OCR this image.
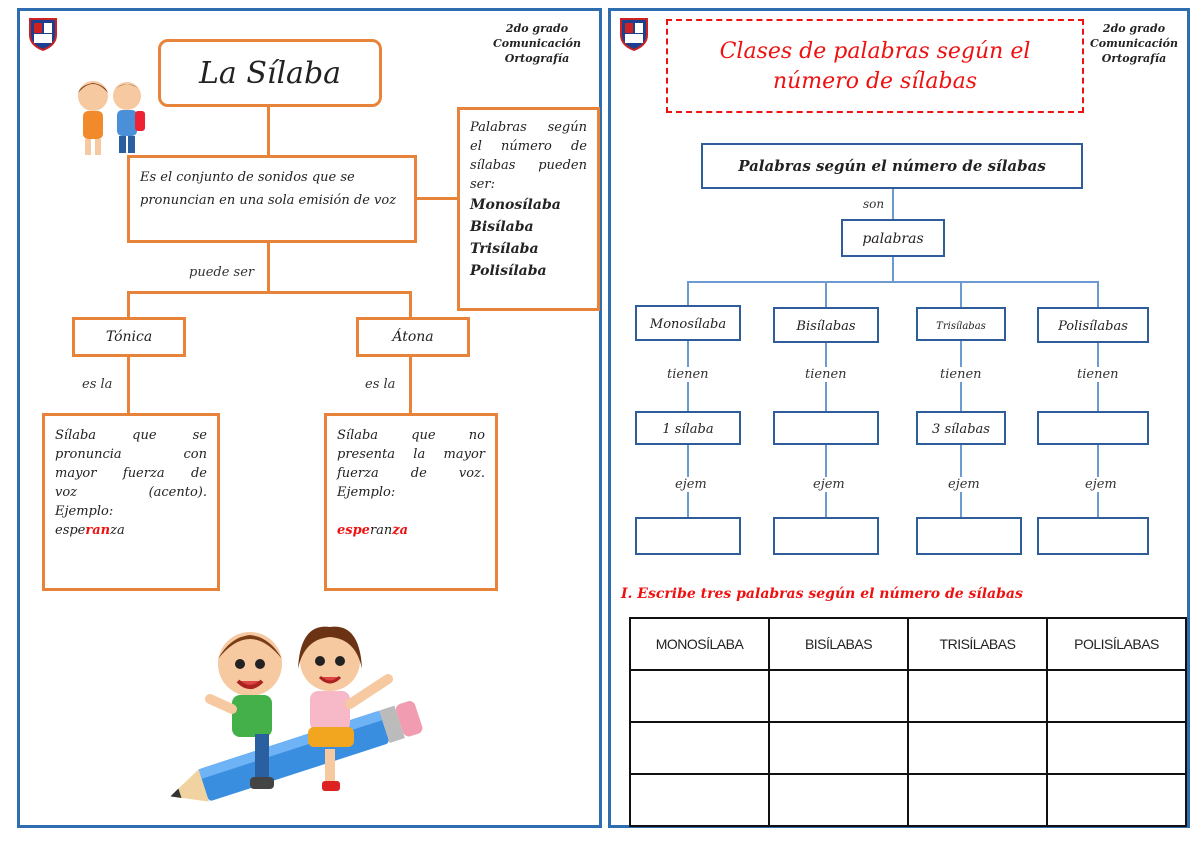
2do grado
Comunicación
Ortografía
La Sílaba
Es el conjunto de sonidos que se pronuncian en una sola emisión de voz
Palabras según
el número de
sílabas pueden
ser:
Monosílaba
Bisílaba
Trisílaba
Polisílaba
puede ser
Tónica	Átona
es la	es la
Sílaba que se
pronuncia con
mayor fuerza de
voz (acento).
Ejemplo:
esperanza
Sílaba que no
presenta la mayor
fuerza de voz.
Ejemplo:
esperanza
2do grado
Comunicación
Ortografía
Clases de palabras según el
número de sílabas
Palabras según el número de sílabas
son
palabras
Monosílaba	Bisílabas	Trisílabas	Polisílabas
tienen	tienen	tienen	tienen
1 sílaba	3 sílabas
ejem	ejem	ejem	ejem
I. Escribe tres palabras según el número de sílabas
MONOSÍLABA	BISÍLABAS	TRISÍLABAS	POLISÍLABAS
